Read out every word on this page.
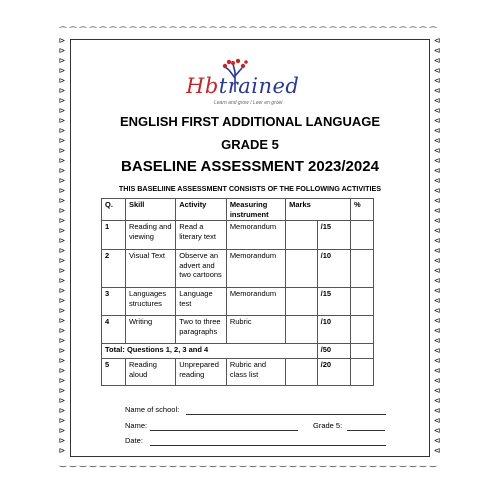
⊳
⊳
⊳
⊳
⊳
⊳
⊳
⊳
⊳
⊳
⊳
⊳
⊳
⊳
⊳
⊳
⊳
⊳
⊳
⊳
⊳
⊳
⊳
⊳
⊳
⊳
⊳
⊳
⊳
⊳
⊳
⊳
⊳
⊳
⊳
⊳
⊳
⊳
⊳
⊳
⊳
⊳
⊲
⊲
⊲
⊲
⊲
⊲
⊲
⊲
⊲
⊲
⊲
⊲
⊲
⊲
⊲
⊲
⊲
⊲
⊲
⊲
⊲
⊲
⊲
⊲
⊲
⊲
⊲
⊲
⊲
⊲
⊲
⊲
⊲
⊲
⊲
⊲
⊲
⊲
⊲
⊲
⊲
⊲
⁀ ⁀ ⁀ ⁀ ⁀ ⁀ ⁀ ⁀ ⁀ ⁀ ⁀ ⁀ ⁀ ⁀ ⁀ ⁀ ⁀ ⁀ ⁀ ⁀ ⁀ ⁀ ⁀ ⁀ ⁀ ⁀ ⁀ ⁀ ⁀ ⁀ ⁀ ⁀ ⁀ ⁀ ⁀ ⁀ ⁀ ⁀
‿ ‿ ‿ ‿ ‿ ‿ ‿ ‿ ‿ ‿ ‿ ‿ ‿ ‿ ‿ ‿ ‿ ‿ ‿ ‿ ‿ ‿ ‿ ‿ ‿ ‿ ‿ ‿ ‿ ‿ ‿ ‿ ‿ ‿ ‿ ‿ ‿ ‿
Hbtrained
Learn and grow / Leer en groei
ENGLISH FIRST ADDITIONAL LANGUAGE
GRADE 5
BASELINE ASSESSMENT 2023/2024
THIS BASELIINE ASSESSMENT CONSISTS OF THE FOLLOWING ACTIVITIES
Q.	Skill	Activity	Measuring instrument	Marks		%
1	Reading and viewing	Read a literary text	Memorandum		/15	
2	Visual Text	Observe an advert and two cartoons	Memorandum		/10	
3	Languages structures	Language test	Memorandum		/15	
4	Writing	Two to three paragraphs	Rubric		/10	
Total: Questions 1, 2, 3 and 4					/50	
5	Reading aloud	Unprepared reading	Rubric and class list		/20	
Name of school:
Name:	Grade 5:
Date:
